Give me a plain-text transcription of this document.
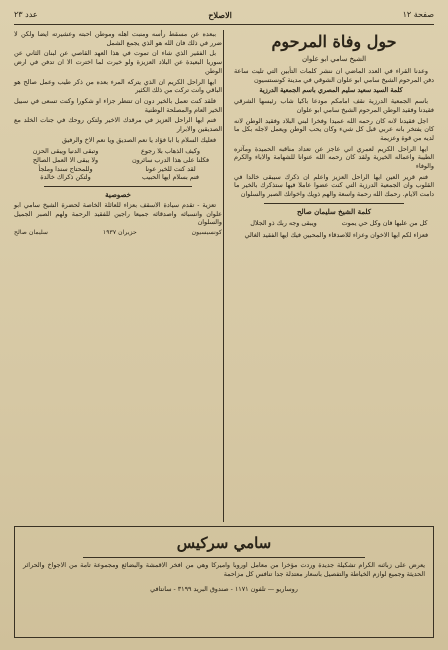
صفحة ١٢
الاصلاح
عدد ٢٣
حول وفاة المرحوم
الشيخ سامي ابو علوان

وعدنا القراء في العدد الماضي ان ننشر كلمات التأبين التي تليت ساعة دفن المرحوم الشيخ سامي ابو علوان الشوقي في مدينة كونستسيون

كلمة السيد سعيد سليم المصري باسم الجمعية الدرزية

باسم الجمعية الدرزية نقف امامكم مودعا باكيا شاب رئيسها الشرقي فقيدنا وفقيد الوطن المرحوم الشيخ سامي ابو علوان

اجل فقيدنا لانه كان رحمه الله عميدا وفخرا لبني البلاد وفقيد الوطن لانه كان يفتخر بانه عربي قبل كل شيء وكان يحب الوطن ويعمل لاجله بكل ما لديه من قوة وعزيمة

ايها الراحل الكريم لعمري اني عاجز عن تعداد مناقبه الحميدة ومآثره الطيبة واعماله الخيرية ولقد كان رحمه الله عنوانا للشهامة والاباء والكرم والوفاء

فنم قرير العين ايها الراحل العزيز واعلم ان ذكرك سيبقى خالدا في القلوب وان الجمعية الدرزية التي كنت عضوا عاملا فيها ستذكرك بالخير ما دامت الايام. رحمك الله رحمة واسعة والهم ذويك واخوانك الصبر والسلوان

كلمة الشيخ سليمان صالح
كل من عليها فان وكل حي يموت
ويبقى وجه ربك ذو الجلال

فعزاء لكم ايها الاخوان وعزاء للاصدقاء والمحبين فيك ايها الفقيد الغالي

ببعده عن مسقط رأسه ومنبت اهله وموطن احبته وعشيرته ايضا ولكن لا ضرر في ذلك فان الله هو الذي يجمع الشمل

بل الفقير الذي شاء ان تموت في هذا العهد القاصي عن لبنان الثاني عن سوريا البعيدة عن البلاد العزيزة ولو خيرت لما اخترت الا ان تدفن في ارض الوطن

ايها الراحل الكريم ان الذي يتركه المرء بعده من ذكر طيب وعمل صالح هو الباقي وانت تركت من ذلك الكثير

فلقد كنت تعمل بالخير دون ان تنتظر جزاء او شكورا وكنت تسعى في سبيل الخير العام والمصلحة الوطنية

فنم ايها الراحل العزيز في مرقدك الاخير ولتكن روحك في جنات الخلد مع الصديقين والابرار

فعليك السلام يا ابا فؤاد يا نعم الصديق ويا نعم الاخ والرفيق

وكيف الذهاب بلا رجوع
وتبقى الدنيا ويبقى الحزن
فكلنا على هذا الدرب سائرون
ولا يبقى الا العمل الصالح
لقد كنت للخير عونا
وللمحتاج سندا وملجأ
فنم بسلام ايها الحبيب
ولتكن ذكراك خالدة
خصوصية

تعزية - تقدم سيادة الاسقف بعزاء للعائلة الخاصة لحضرة الشيخ سامي ابو علوان وانسبائه واصدقائه جميعا راجين للفقيد الرحمة ولهم الصبر الجميل والسلوان

كونسيسيون
حزيران ١٩٣٧
سليمان صالح
سامي سركيس
يعرض على زبائنه الكرام تشكيلة جديدة وردت مؤخرا من معامل اوروبا واميركا وهي من افخر الاقمشة والبضائع ومجموعة تامة من الاجواخ والحرائر الحديثة وجميع لوازم الخياطة والتفصيل باسعار معتدلة جدا تنافس كل مزاحمة
روساريو — تلفون ١١٧١ - صندوق البريد ٣١٩٩ - سانتافي
